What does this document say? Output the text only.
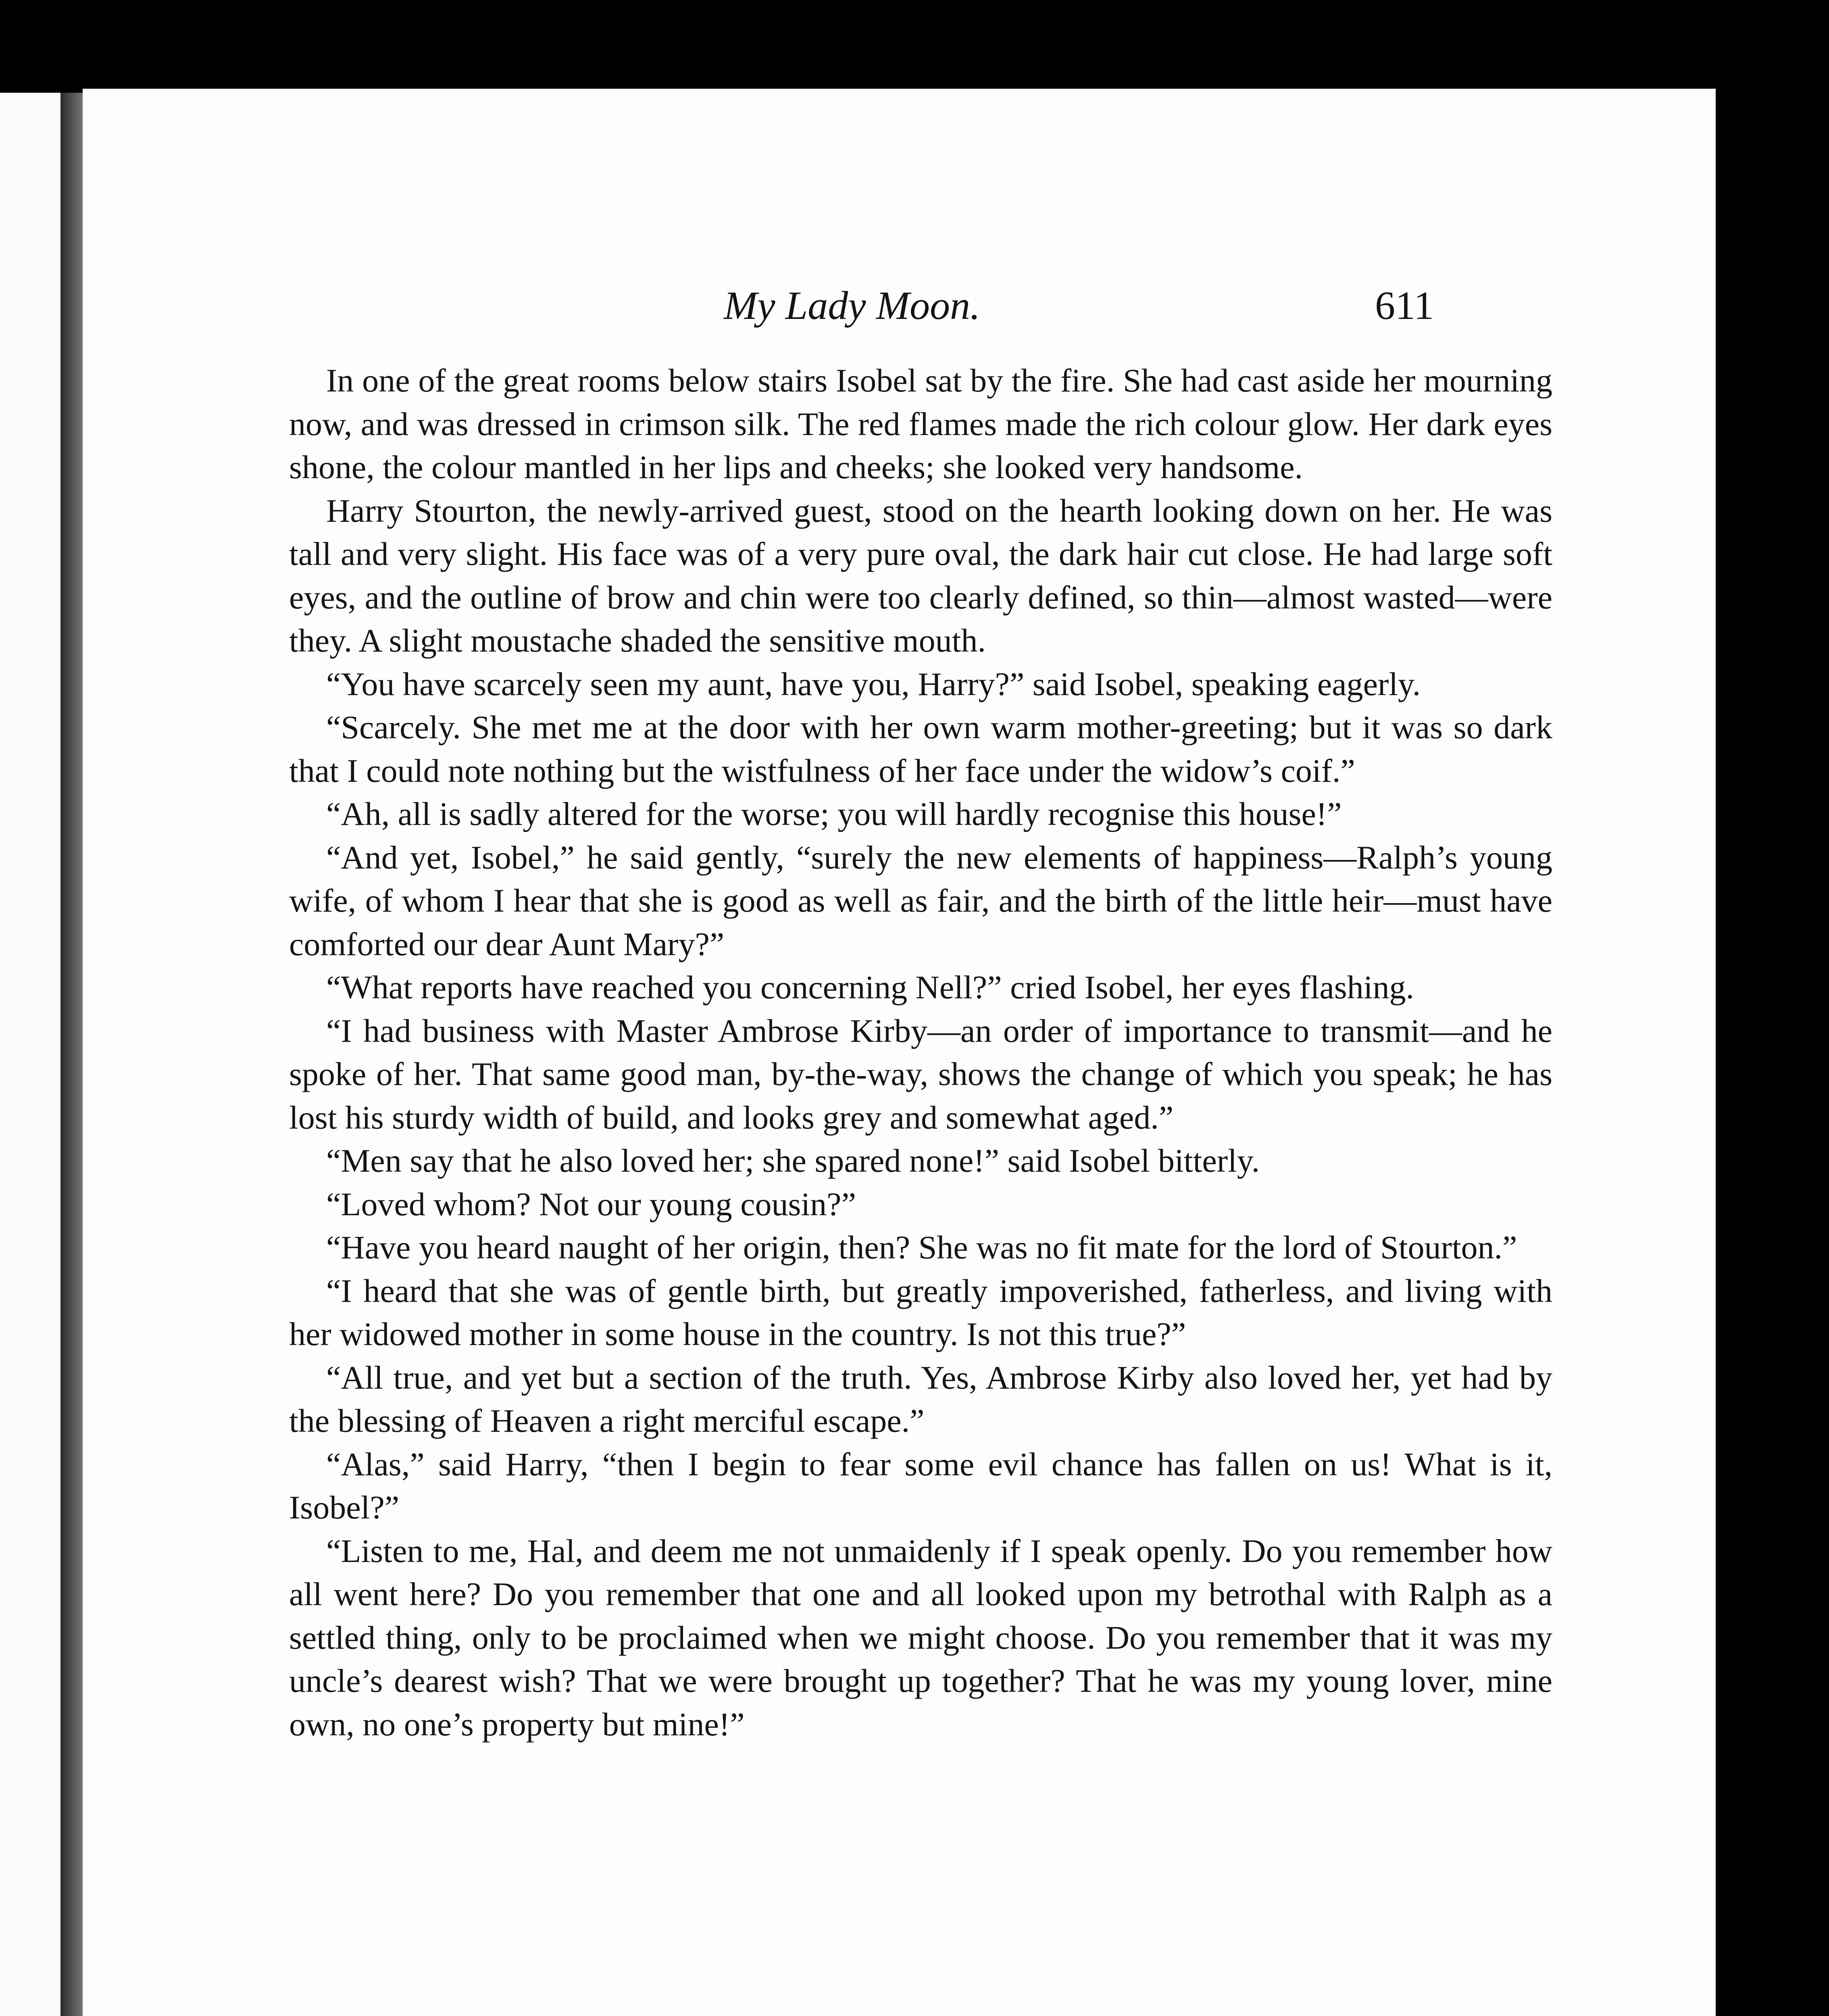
My Lady Moon.	611

In one of the great rooms below stairs Isobel sat by the fire. She had cast aside her mourning now, and was dressed in crimson silk. The red flames made the rich colour glow. Her dark eyes shone, the colour mantled in her lips and cheeks; she looked very handsome.

Harry Stourton, the newly-arrived guest, stood on the hearth looking down on her. He was tall and very slight. His face was of a very pure oval, the dark hair cut close. He had large soft eyes, and the outline of brow and chin were too clearly defined, so thin—almost wasted—were they. A slight moustache shaded the sensitive mouth.

“You have scarcely seen my aunt, have you, Harry?” said Isobel, speaking eagerly.

“Scarcely. She met me at the door with her own warm mother-greeting; but it was so dark that I could note nothing but the wistfulness of her face under the widow’s coif.”

“Ah, all is sadly altered for the worse; you will hardly recognise this house!”

“And yet, Isobel,” he said gently, “surely the new elements of happiness—Ralph’s young wife, of whom I hear that she is good as well as fair, and the birth of the little heir—must have comforted our dear Aunt Mary?”

“What reports have reached you concerning Nell?” cried Isobel, her eyes flashing.

“I had business with Master Ambrose Kirby—an order of importance to transmit—and he spoke of her. That same good man, by-the-way, shows the change of which you speak; he has lost his sturdy width of build, and looks grey and somewhat aged.”

“Men say that he also loved her; she spared none!” said Isobel bitterly.

“Loved whom? Not our young cousin?”

“Have you heard naught of her origin, then? She was no fit mate for the lord of Stourton.”

“I heard that she was of gentle birth, but greatly impoverished, fatherless, and living with her widowed mother in some house in the country. Is not this true?”

“All true, and yet but a section of the truth. Yes, Ambrose Kirby also loved her, yet had by the blessing of Heaven a right merciful escape.”

“Alas,” said Harry, “then I begin to fear some evil chance has fallen on us! What is it, Isobel?”

“Listen to me, Hal, and deem me not unmaidenly if I speak openly. Do you remember how all went here? Do you remember that one and all looked upon my betrothal with Ralph as a settled thing, only to be proclaimed when we might choose. Do you remember that it was my uncle’s dearest wish? That we were brought up together? That he was my young lover, mine own, no one’s property but mine!”
